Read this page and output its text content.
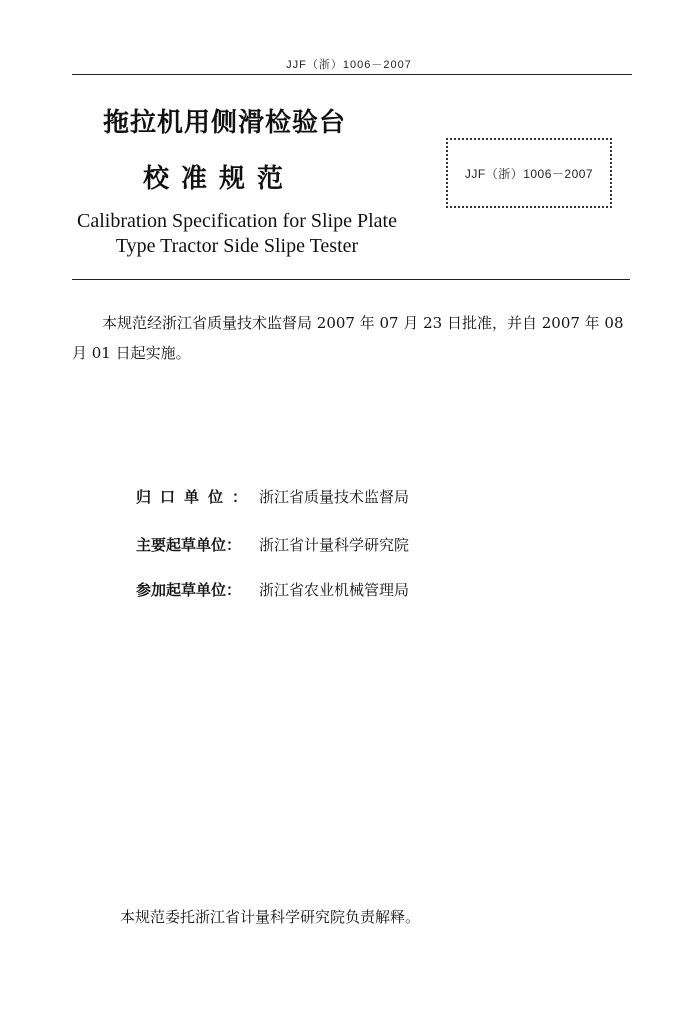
JJF（浙）1006－2007
拖拉机用侧滑检验台
校准规范	JJF（浙）1006－2007
Calibration Specification for Slipe Plate
Type Tractor Side Slipe Tester
本规范经浙江省质量技术监督局 2007 年 07 月 23 日批准，并自 2007 年 08 月 01 日起实施。
归口单位： 浙江省质量技术监督局
主要起草单位：	浙江省计量科学研究院
参加起草单位：	浙江省农业机械管理局
本规范委托浙江省计量科学研究院负责解释。
